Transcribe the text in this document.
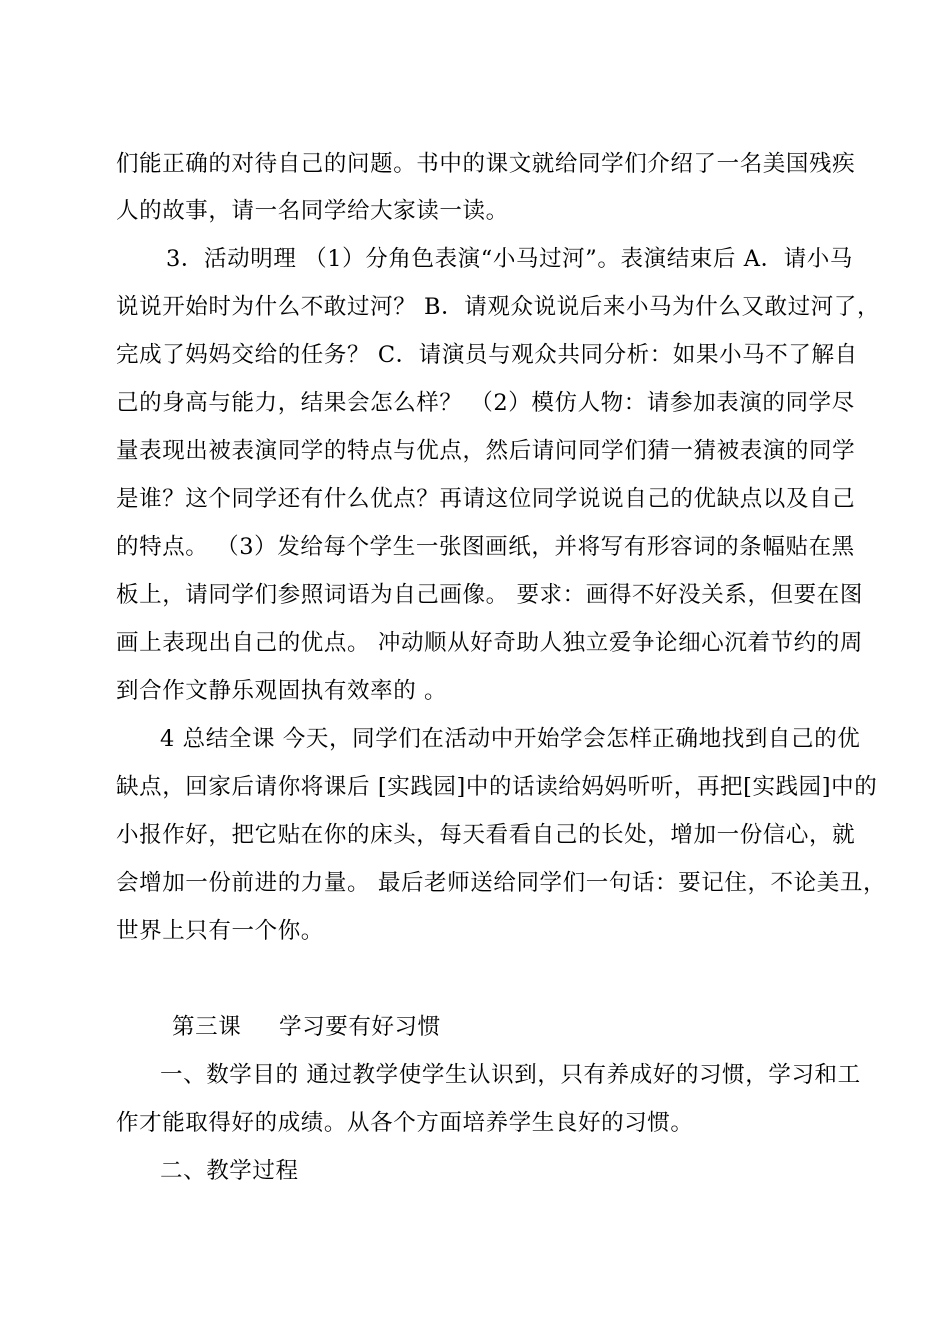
们能正确的对待自己的问题。书中的课文就给同学们介绍了一名美国残疾
人的故事，请一名同学给大家读一读。
3．活动明理 （1）分角色表演“小马过河”。表演结束后 A．请小马
说说开始时为什么不敢过河？ B．请观众说说后来小马为什么又敢过河了，
完成了妈妈交给的任务？ C．请演员与观众共同分析：如果小马不了解自
己的身高与能力，结果会怎么样？ （2）模仿人物：请参加表演的同学尽
量表现出被表演同学的特点与优点，然后请问同学们猜一猜被表演的同学
是谁？这个同学还有什么优点？再请这位同学说说自己的优缺点以及自己
的特点。 （3）发给每个学生一张图画纸，并将写有形容词的条幅贴在黑
板上，请同学们参照词语为自己画像。 要求：画得不好没关系，但要在图
画上表现出自己的优点。 冲动顺从好奇助人独立爱争论细心沉着节约的周
到合作文静乐观固执有效率的 。
4 总结全课 今天，同学们在活动中开始学会怎样正确地找到自己的优
缺点，回家后请你将课后 [实践园]中的话读给妈妈听听，再把[实践园]中的
小报作好，把它贴在你的床头，每天看看自己的长处，增加一份信心，就
会增加一份前进的力量。 最后老师送给同学们一句话：要记住，不论美丑，
世界上只有一个你。
第三课 学习要有好习惯
一、数学目的 通过教学使学生认识到，只有养成好的习惯，学习和工
作才能取得好的成绩。从各个方面培养学生良好的习惯。
二、教学过程
